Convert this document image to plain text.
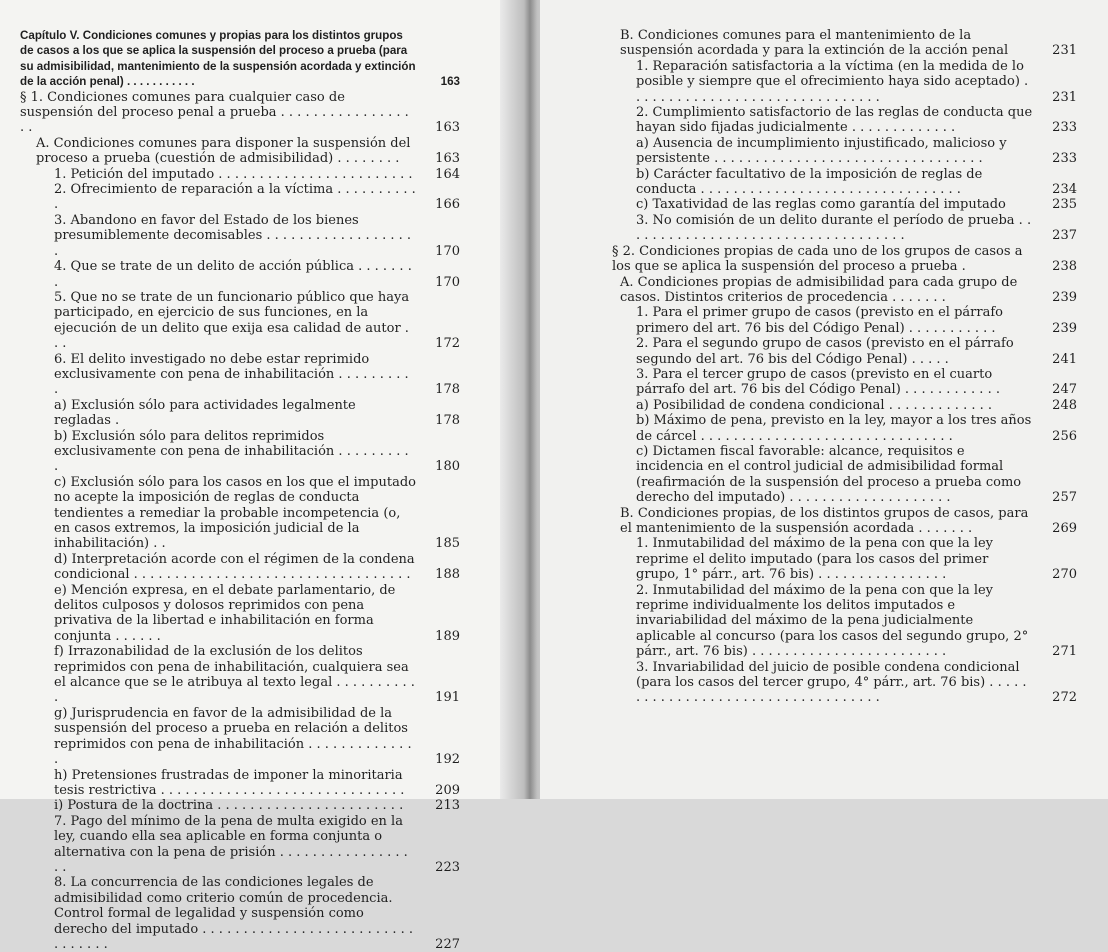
Capítulo V. Condiciones comunes y propias para los distintos grupos de casos a los que se aplica la suspensión del proceso a prueba (para su admisibilidad, mantenimiento de la suspensión acordada y extinción de la acción penal) . . . . . . . . . . .	163
§ 1. Condiciones comunes para cualquier caso de suspensión del proceso penal a prueba . . . . . . . . . . . . . . . . . .	163
A. Condiciones comunes para disponer la suspensión del proceso a prueba (cuestión de admisibilidad) . . . . . . . .	163
1. Petición del imputado . . . . . . . . . . . . . . . . . . . . . . . .	164
2. Ofrecimiento de reparación a la víctima . . . . . . . . . . .	166
3. Abandono en favor del Estado de los bienes presumiblemente decomisables . . . . . . . . . . . . . . . . . . .	170
4. Que se trate de un delito de acción pública . . . . . . . .	170
5. Que no se trate de un funcionario público que haya participado, en ejercicio de sus funciones, en la ejecución de un delito que exija esa calidad de autor . . .	172
6. El delito investigado no debe estar reprimido exclusivamente con pena de inhabilitación . . . . . . . . . .	178
a) Exclusión sólo para actividades legalmente regladas .	178
b) Exclusión sólo para delitos reprimidos exclusivamente con pena de inhabilitación . . . . . . . . . .	180
c) Exclusión sólo para los casos en los que el imputado no acepte la imposición de reglas de conducta tendientes a remediar la probable incompetencia (o, en casos extremos, la imposición judicial de la inhabilitación) . .	185
d) Interpretación acorde con el régimen de la condena condicional . . . . . . . . . . . . . . . . . . . . . . . . . . . . . . . . . .	188
e) Mención expresa, en el debate parlamentario, de delitos culposos y dolosos reprimidos con pena privativa de la libertad e inhabilitación en forma conjunta . . . . . .	189
f) Irrazonabilidad de la exclusión de los delitos reprimidos con pena de inhabilitación, cualquiera sea el alcance que se le atribuya al texto legal . . . . . . . . . . .	191
g) Jurisprudencia en favor de la admisibilidad de la suspensión del proceso a prueba en relación a delitos reprimidos con pena de inhabilitación . . . . . . . . . . . . . .	192
h) Pretensiones frustradas de imponer la minoritaria tesis restrictiva . . . . . . . . . . . . . . . . . . . . . . . . . . . . . .	209
i) Postura de la doctrina . . . . . . . . . . . . . . . . . . . . . . .	213
7. Pago del mínimo de la pena de multa exigido en la ley, cuando ella sea aplicable en forma conjunta o alternativa con la pena de prisión . . . . . . . . . . . . . . . . . .	223
8. La concurrencia de las condiciones legales de admisibilidad como criterio común de procedencia. Control formal de legalidad y suspensión como derecho del imputado . . . . . . . . . . . . . . . . . . . . . . . . . . . . . . . . .	227
B. Condiciones comunes para el mantenimiento de la suspensión acordada y para la extinción de la acción penal	231
1. Reparación satisfactoria a la víctima (en la medida de lo posible y siempre que el ofrecimiento haya sido aceptado) . . . . . . . . . . . . . . . . . . . . . . . . . . . . . . .	231
2. Cumplimiento satisfactorio de las reglas de conducta que hayan sido fijadas judicialmente . . . . . . . . . . . . .	233
a) Ausencia de incumplimiento injustificado, malicioso y persistente . . . . . . . . . . . . . . . . . . . . . . . . . . . . . . . . .	233
b) Carácter facultativo de la imposición de reglas de conducta . . . . . . . . . . . . . . . . . . . . . . . . . . . . . . . .	234
c) Taxatividad de las reglas como garantía del imputado	235
3. No comisión de un delito durante el período de prueba . . . . . . . . . . . . . . . . . . . . . . . . . . . . . . . . . . .	237
§ 2. Condiciones propias de cada uno de los grupos de casos a los que se aplica la suspensión del proceso a prueba .	238
A. Condiciones propias de admisibilidad para cada grupo de casos. Distintos criterios de procedencia . . . . . . .	239
1. Para el primer grupo de casos (previsto en el párrafo primero del art. 76 bis del Código Penal) . . . . . . . . . . .	239
2. Para el segundo grupo de casos (previsto en el párrafo segundo del art. 76 bis del Código Penal) . . . . .	241
3. Para el tercer grupo de casos (previsto en el cuarto párrafo del art. 76 bis del Código Penal) . . . . . . . . . . . .	247
a) Posibilidad de condena condicional . . . . . . . . . . . . .	248
b) Máximo de pena, previsto en la ley, mayor a los tres años de cárcel . . . . . . . . . . . . . . . . . . . . . . . . . . . . . . .	256
c) Dictamen fiscal favorable: alcance, requisitos e incidencia en el control judicial de admisibilidad formal (reafirmación de la suspensión del proceso a prueba como derecho del imputado) . . . . . . . . . . . . . . . . . . . .	257
B. Condiciones propias, de los distintos grupos de casos, para el mantenimiento de la suspensión acordada . . . . . . .	269
1. Inmutabilidad del máximo de la pena con que la ley reprime el delito imputado (para los casos del primer grupo, 1° párr., art. 76 bis) . . . . . . . . . . . . . . . .	270
2. Inmutabilidad del máximo de la pena con que la ley reprime individualmente los delitos imputados e invariabilidad del máximo de la pena judicialmente aplicable al concurso (para los casos del segundo grupo, 2° párr., art. 76 bis) . . . . . . . . . . . . . . . . . . . . . . . .	271
3. Invariabilidad del juicio de posible condena condicional (para los casos del tercer grupo, 4° párr., art. 76 bis) . . . . . . . . . . . . . . . . . . . . . . . . . . . . . . . . . . .	272
